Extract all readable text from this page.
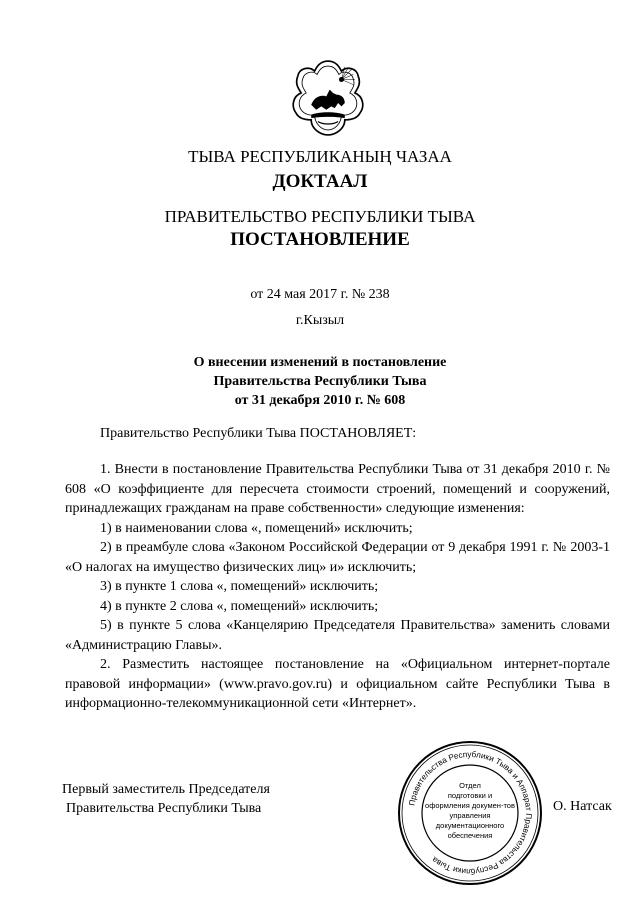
ТЫВА РЕСПУБЛИКАНЫҢ ЧАЗАА
ДОКТААЛ
ПРАВИТЕЛЬСТВО РЕСПУБЛИКИ ТЫВА
ПОСТАНОВЛЕНИЕ
от 24 мая 2017 г. № 238
г.Кызыл
О внесении изменений в постановление
Правительства Республики Тыва
от 31 декабря 2010 г. № 608

Правительство Республики Тыва ПОСТАНОВЛЯЕТ:

1. Внести в постановление Правительства Республики Тыва от 31 декабря 2010 г. № 608 «О коэффициенте для пересчета стоимости строений, помещений и сооружений, принадлежащих гражданам на праве собственности» следующие изменения:

1) в наименовании слова «, помещений» исключить;

2) в преамбуле слова «Законом Российской Федерации от 9 декабря 1991 г. № 2003-1 «О налогах на имущество физических лиц» и» исключить;

3) в пункте 1 слова «, помещений» исключить;

4) в пункте 2 слова «, помещений» исключить;

5) в пункте 5 слова «Канцелярию Председателя Правительства» заменить словами «Администрацию Главы».

2. Разместить настоящее постановление на «Официальном интернет-портале правовой информации» (www.pravo.gov.ru) и официальном сайте Республики Тыва в информационно-телекоммуникационной сети «Интернет».

Первый заместитель Председателя
Правительства Республики Тыва	Правительства Республики Тыва и Аппарат Правительства Республики Тыва
Отдел
подготовки и
оформления докумен-тов
управления
документационного
обеспечения
О. Натсак
